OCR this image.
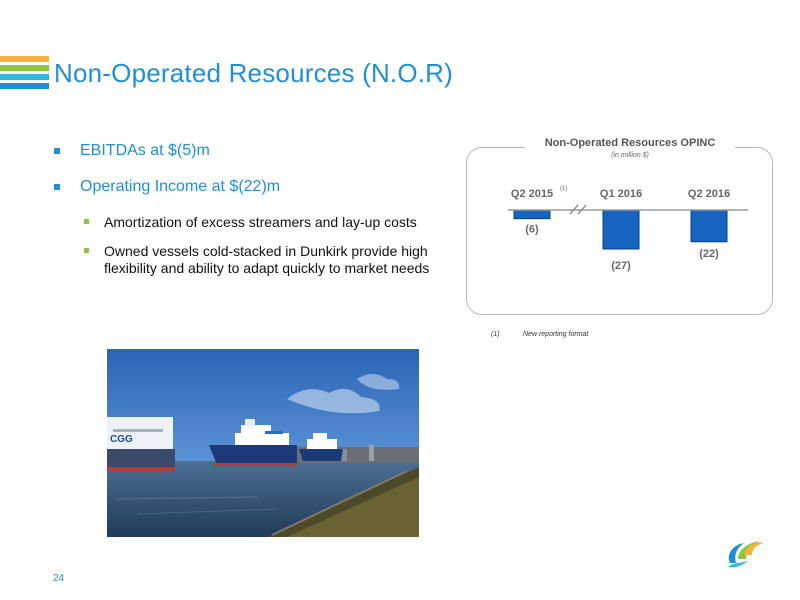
Non-Operated Resources (N.O.R)
EBITDAs at $(5)m
Operating Income at $(22)m
Amortization of excess streamers and lay-up costs
Owned vessels cold-stacked in Dunkirk provide high flexibility and ability to adapt quickly to market needs
CGG
Non-Operated Resources OPINC
(in million $)
Q2 2015 (1)	Q1 2016	Q2 2016
(6)
(27)
(22)
(1)	New reporting format
24
